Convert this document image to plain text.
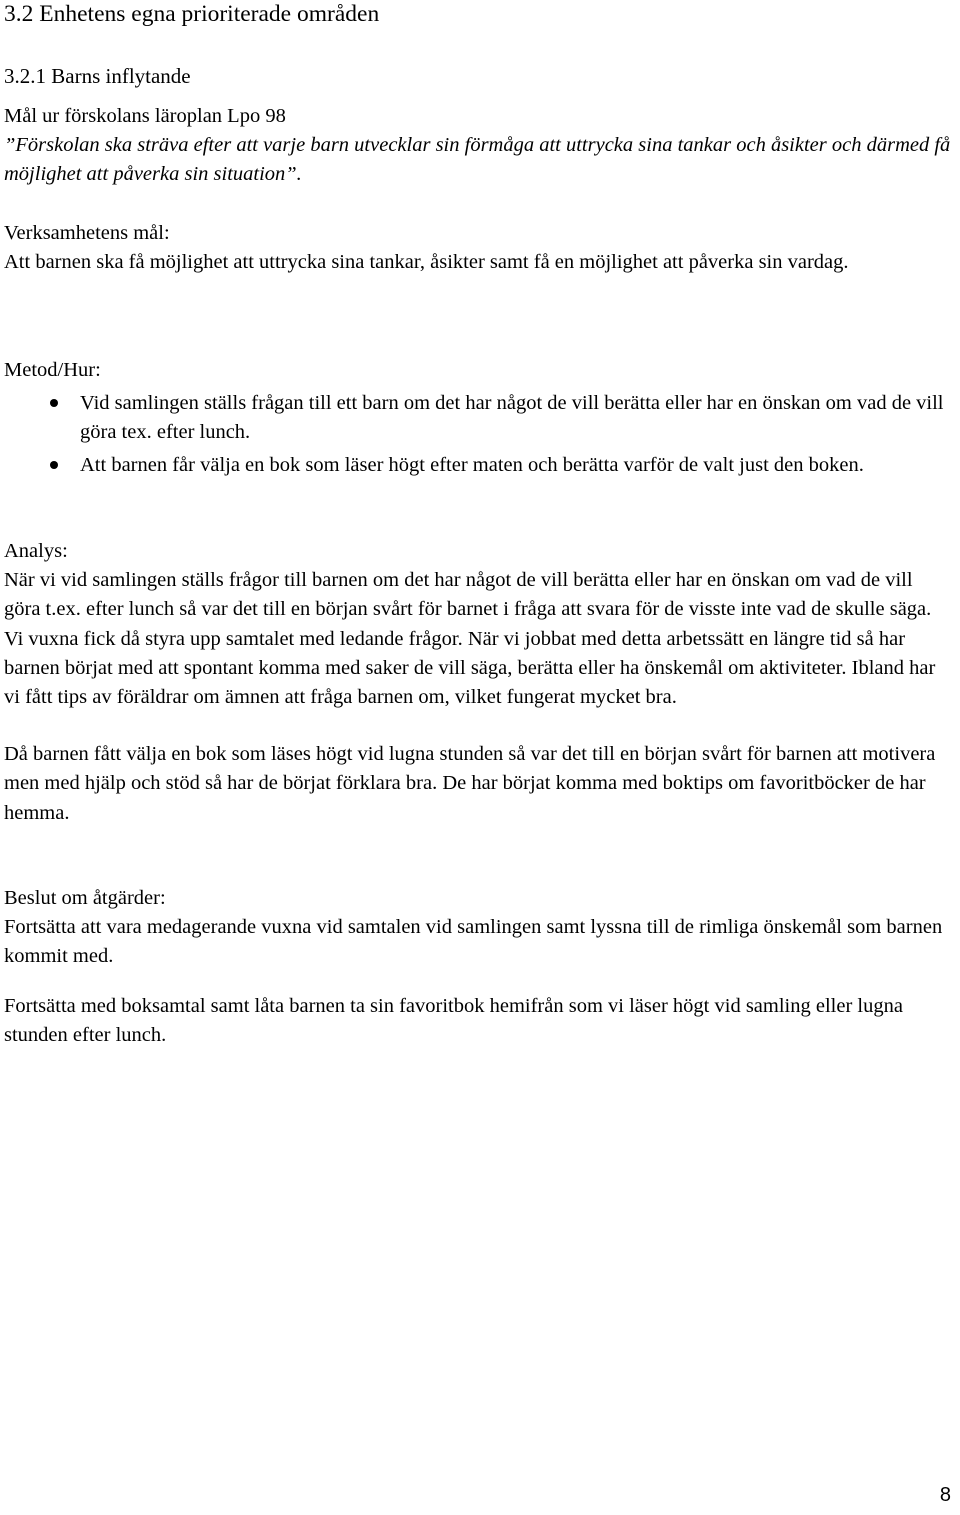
3.2 Enhetens egna prioriterade områden
3.2.1 Barns inflytande

Mål ur förskolans läroplan Lpo 98

”Förskolan ska sträva efter att varje barn utvecklar sin förmåga att uttrycka sina tankar och åsikter och därmed få möjlighet att påverka sin situation”.

Verksamhetens mål:

Att barnen ska få möjlighet att uttrycka sina tankar, åsikter samt få en möjlighet att påverka sin vardag.

Metod/Hur:

Vid samlingen ställs frågan till ett barn om det har något de vill berätta eller har en önskan om vad de vill göra tex. efter lunch.
Att barnen får välja en bok som läser högt efter maten och berätta varför de valt just den boken.

Analys:

När vi vid samlingen ställs frågor till barnen om det har något de vill berätta eller har en önskan om vad de vill göra t.ex. efter lunch så var det till en början svårt för barnet i fråga att svara för de visste inte vad de skulle säga. Vi vuxna fick då styra upp samtalet med ledande frågor. När vi jobbat med detta arbetssätt en längre tid så har barnen börjat med att spontant komma med saker de vill säga, berätta eller ha önskemål om aktiviteter. Ibland har vi fått tips av föräldrar om ämnen att fråga barnen om, vilket fungerat mycket bra.

Då barnen fått välja en bok som läses högt vid lugna stunden så var det till en början svårt för barnen att motivera men med hjälp och stöd så har de börjat förklara bra. De har börjat komma med boktips om favoritböcker de har hemma.

Beslut om åtgärder:

Fortsätta att vara medagerande vuxna vid samtalen vid samlingen samt lyssna till de rimliga önskemål som barnen kommit med.

Fortsätta med boksamtal samt låta barnen ta sin favoritbok hemifrån som vi läser högt vid samling eller lugna stunden efter lunch.

8
